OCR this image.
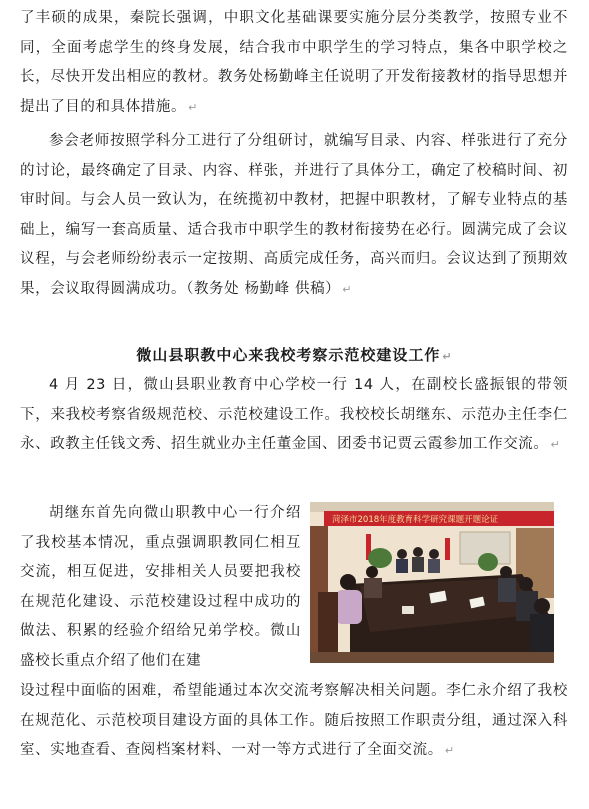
了丰硕的成果，秦院长强调，中职文化基础课要实施分层分类教学，按照专业不同，全面考虑学生的终身发展，结合我市中职学生的学习特点，集各中职学校之长，尽快开发出相应的教材。教务处杨勤峰主任说明了开发衔接教材的指导思想并提出了目的和具体措施。 ↵
参会老师按照学科分工进行了分组研讨，就编写目录、内容、样张进行了充分的讨论，最终确定了目录、内容、样张，并进行了具体分工，确定了校稿时间、初审时间。与会人员一致认为，在统揽初中教材，把握中职教材，了解专业特点的基础上，编写一套高质量、适合我市中职学生的教材衔接势在必行。圆满完成了会议议程，与会老师纷纷表示一定按期、高质完成任务，高兴而归。会议达到了预期效果，会议取得圆满成功。（教务处 杨勤峰 供稿） ↵
微山县职教中心来我校考察示范校建设工作 ↵
4 月 23 日，微山县职业教育中心学校一行 14 人，在副校长盛振银的带领下，来我校考察省级规范校、示范校建设工作。我校校长胡继东、示范办主任李仁永、政教主任钱文秀、招生就业办主任董金国、团委书记贾云霞参加工作交流。 ↵
胡继东首先向微山职教中心一行介绍了我校基本情况，重点强调职教同仁相互交流，相互促进，安排相关人员要把我校在规范化建设、示范校建设过程中成功的做法、积累的经验介绍给兄弟学校。微山盛校长重点介绍了他们在建
菏泽市2018年度教育科学研究课题开题论证
设过程中面临的困难，希望能通过本次交流考察解决相关问题。李仁永介绍了我校在规范化、示范校项目建设方面的具体工作。随后按照工作职责分组，通过深入科室、实地查看、查阅档案材料、一对一等方式进行了全面交流。 ↵
